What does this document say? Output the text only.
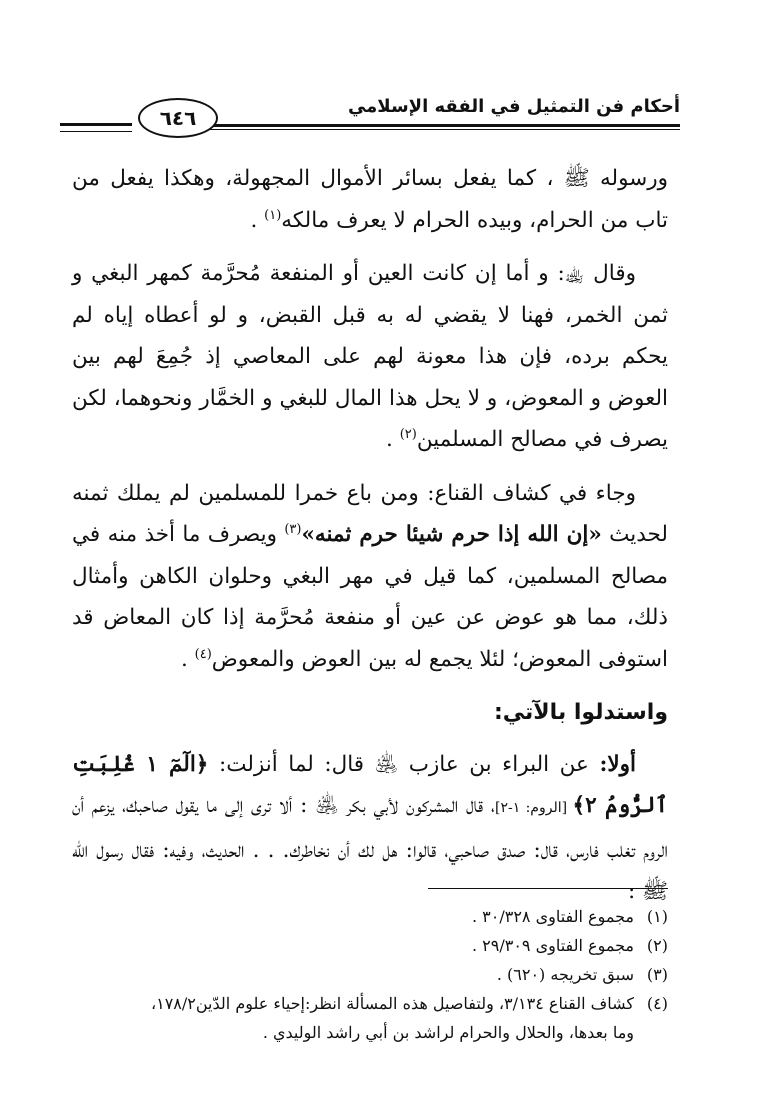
أحكام فن التمثيل في الفقه الإسلامي
٦٤٦

ورسوله ﷺ ، كما يفعل بسائر الأموال المجهولة، وهكذا يفعل من تاب من الحرام، وبيده الحرام لا يعرف مالكه$^{(١)}$ .

وقال ﵀: و أما إن كانت العين أو المنفعة مُحرَّمة كمهر البغي و ثمن الخمر، فهنا لا يقضي له به قبل القبض، و لو أعطاه إياه لم يحكم برده، فإن هذا معونة لهم على المعاصي إذ جُمِعَ لهم بين العوض و المعوض، و لا يحل هذا المال للبغي و الخمَّار ونحوهما، لكن يصرف في مصالح المسلمين$^{(٢)}$ .

وجاء في كشاف القناع: ومن باع خمرا للمسلمين لم يملك ثمنه لحديث «إن الله إذا حرم شيئا حرم ثمنه»$^{(٣)}$ ويصرف ما أخذ منه في مصالح المسلمين، كما قيل في مهر البغي وحلوان الكاهن وأمثال ذلك، مما هو عوض عن عين أو منفعة مُحرَّمة إذا كان المعاض قد استوفى المعوض؛ لئلا يجمع له بين العوض والمعوض$^{(٤)}$ .

واستدلوا بالآتي:

أولا: عن البراء بن عازب ﵁ قال: لما أنزلت: ﴿الٓمٓ ١ غُلِبَتِ ٱلرُّومُ ٢﴾ [الروم: ١-٢]، قال المشركون لأبي بكر ﵁ : ألا ترى إلى ما يقول صاحبك، يزعم أن الروم تغلب فارس، قال: صدق صاحبي، قالوا: هل لك أن نخاطرك. . . الحديث، وفيه: فقال رسول الله ﷺ :

(١)مجموع الفتاوى ٣٠/٣٢٨ .

(٢)مجموع الفتاوى ٢٩/٣٠٩ .

(٣)سبق تخريجه (٦٢٠) .

(٤)كشاف القناع ٣/١٣٤، ولتفاصيل هذه المسألة انظر:إحياء علوم الدّين١٧٨/٢،

وما بعدها، والحلال والحرام لراشد بن أبي راشد الوليدي .
